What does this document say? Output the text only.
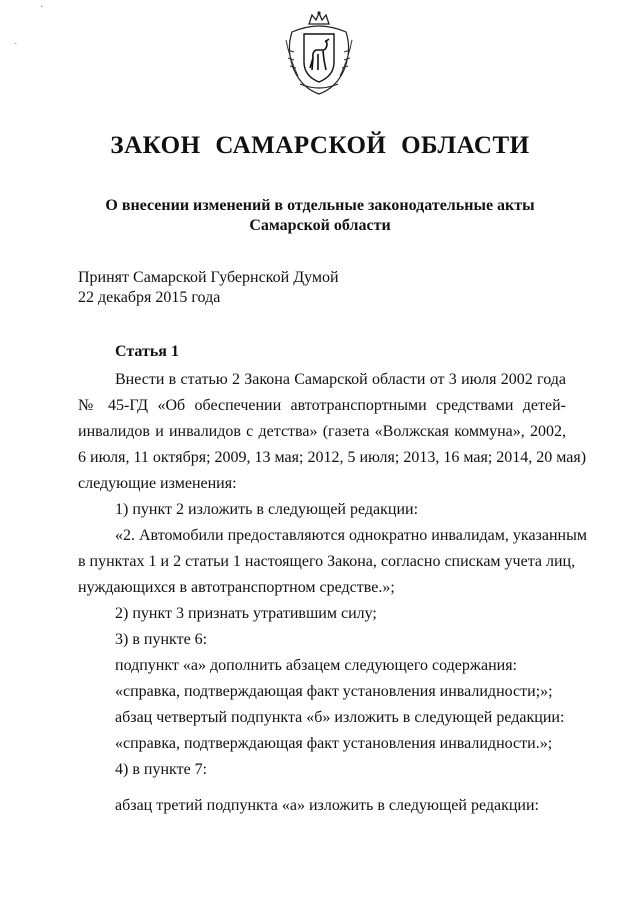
ЗАКОН САМАРСКОЙ ОБЛАСТИ
О внесении изменений в отдельные законодательные акты
Самарской области
Принят Самарской Губернской Думой
22 декабря 2015 года
Статья 1
Внести в статью 2 Закона Самарской области от 3 июля 2002 года
№ 45-ГД «Об обеспечении автотранспортными средствами детей-
инвалидов и инвалидов с детства» (газета «Волжская коммуна», 2002,
6 июля, 11 октября; 2009, 13 мая; 2012, 5 июля; 2013, 16 мая; 2014, 20 мая)
следующие изменения:
1) пункт 2 изложить в следующей редакции:
«2. Автомобили предоставляются однократно инвалидам, указанным
в пунктах 1 и 2 статьи 1 настоящего Закона, согласно спискам учета лиц,
нуждающихся в автотранспортном средстве.»;
2) пункт 3 признать утратившим силу;
3) в пункте 6:
подпункт «а» дополнить абзацем следующего содержания:
«справка, подтверждающая факт установления инвалидности;»;
абзац четвертый подпункта «б» изложить в следующей редакции:
«справка, подтверждающая факт установления инвалидности.»;
4) в пункте 7:
абзац третий подпункта «а» изложить в следующей редакции:
·
ˏ
